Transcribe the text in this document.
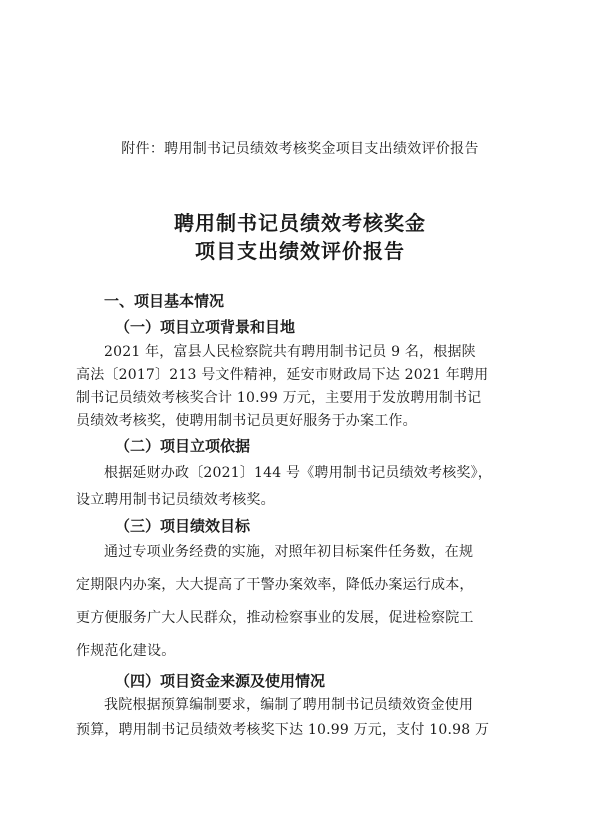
附件：聘用制书记员绩效考核奖金项目支出绩效评价报告
聘用制书记员绩效考核奖金
项目支出绩效评价报告
一、项目基本情况
（一）项目立项背景和目地
2021 年，富县人民检察院共有聘用制书记员 9 名，根据陕
高法〔2017〕213 号文件精神，延安市财政局下达 2021 年聘用
制书记员绩效考核奖合计 10.99 万元，主要用于发放聘用制书记
员绩效考核奖，使聘用制书记员更好服务于办案工作。
（二）项目立项依据
根据延财办政〔2021〕144 号《聘用制书记员绩效考核奖》，
设立聘用制书记员绩效考核奖。
（三）项目绩效目标
通过专项业务经费的实施，对照年初目标案件任务数，在规
定期限内办案，大大提高了干警办案效率，降低办案运行成本，
更方便服务广大人民群众，推动检察事业的发展，促进检察院工
作规范化建设。
（四）项目资金来源及使用情况
我院根据预算编制要求，编制了聘用制书记员绩效资金使用
预算，聘用制书记员绩效考核奖下达 10.99 万元，支付 10.98 万
